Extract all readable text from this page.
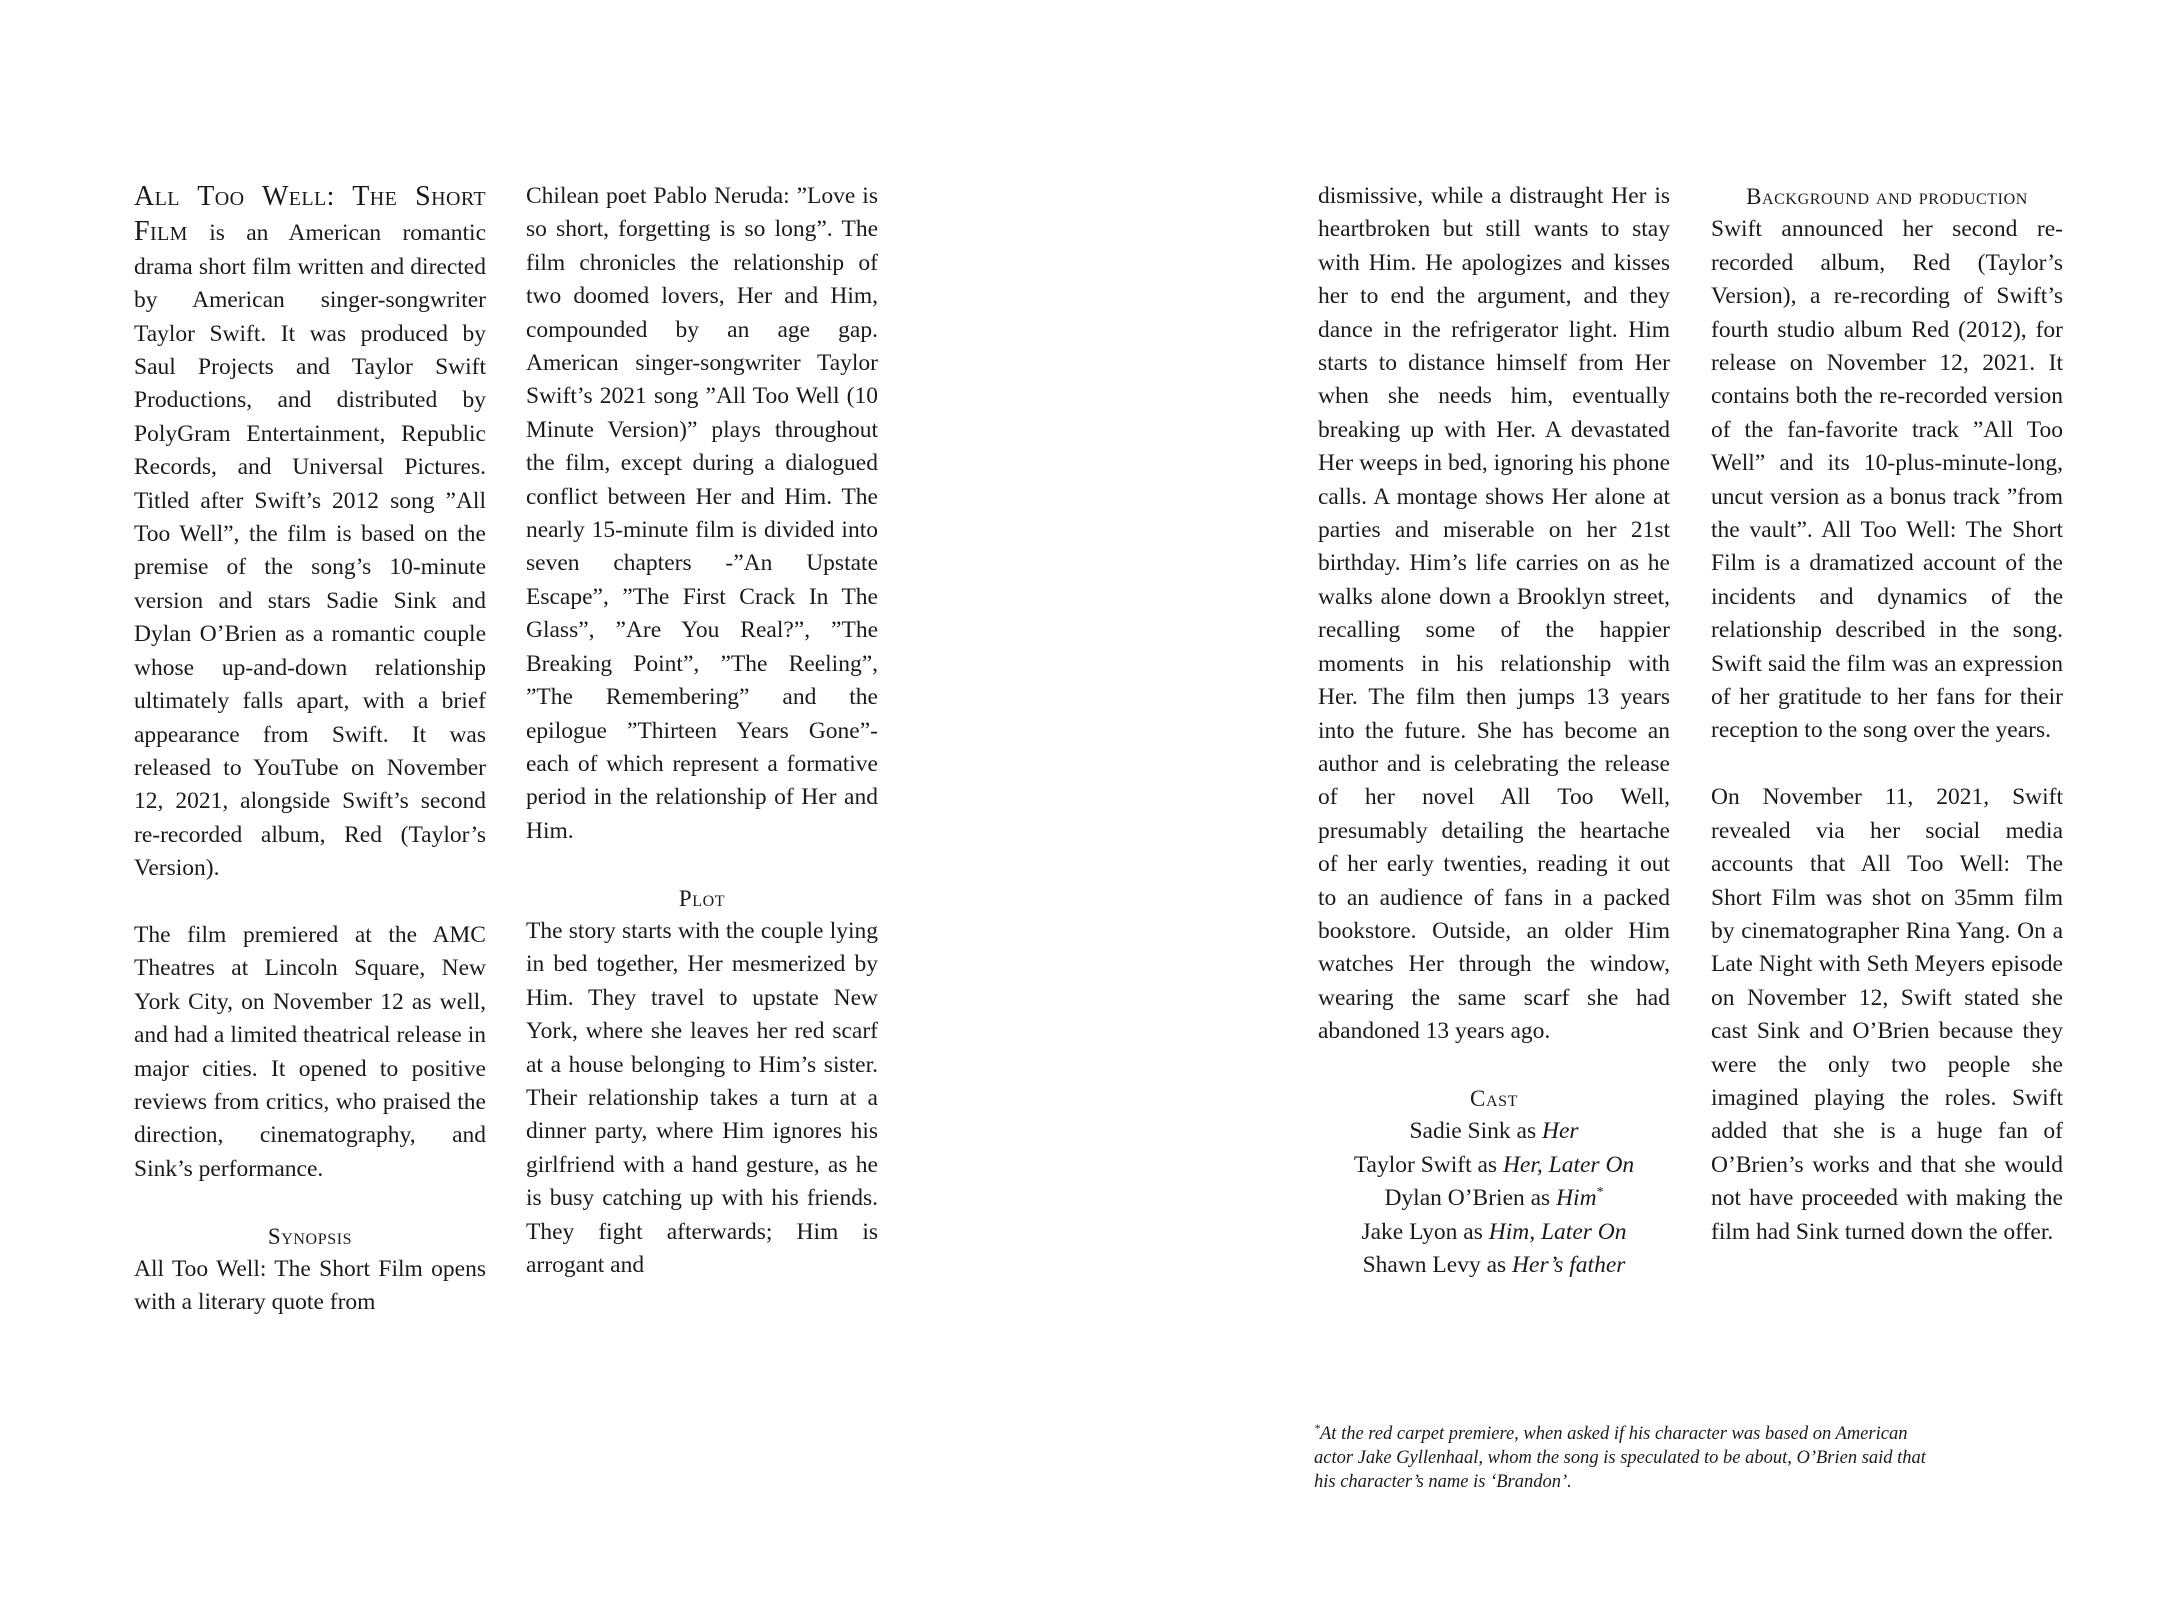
All Too Well: The Short Film is an American romantic drama short film written and directed by American singer-songwriter Taylor Swift. It was produced by Saul Projects and Taylor Swift Productions, and distributed by PolyGram Entertainment, Republic Records, and Universal Pictures. Titled after Swift’s 2012 song ”All Too Well”, the film is based on the premise of the song’s 10-minute version and stars Sadie Sink and Dylan O’Brien as a romantic couple whose up-and-down relationship ultimately falls apart, with a brief appearance from Swift. It was released to YouTube on November 12, 2021, alongside Swift’s second re-recorded album, Red (Taylor’s Version).

The film premiered at the AMC Theatres at Lincoln Square, New York City, on November 12 as well, and had a limited theatrical release in major cities. It opened to positive reviews from critics, who praised the direction, cinematography, and Sink’s performance.

Synopsis

All Too Well: The Short Film opens with a literary quote from

Chilean poet Pablo Neruda: ”Love is so short, forgetting is so long”. The film chronicles the relationship of two doomed lovers, Her and Him, compounded by an age gap. American singer-songwriter Taylor Swift’s 2021 song ”All Too Well (10 Minute Version)” plays throughout the film, except during a dialogued conflict between Her and Him. The nearly 15-minute film is divided into seven chapters -”An Upstate Escape”, ”The First Crack In The Glass”, ”Are You Real?”, ”The Breaking Point”, ”The Reeling”, ”The Remembering” and the epilogue ”Thirteen Years Gone”- each of which represent a formative period in the relationship of Her and Him.

Plot

The story starts with the couple lying in bed together, Her mesmerized by Him. They travel to upstate New York, where she leaves her red scarf at a house belonging to Him’s sister. Their relationship takes a turn at a dinner party, where Him ignores his girlfriend with a hand gesture, as he is busy catching up with his friends. They fight afterwards; Him is arrogant and

dismissive, while a distraught Her is heartbroken but still wants to stay with Him. He apologizes and kisses her to end the argument, and they dance in the refrigerator light. Him starts to distance himself from Her when she needs him, eventually breaking up with Her. A devastated Her weeps in bed, ignoring his phone calls. A montage shows Her alone at parties and miserable on her 21st birthday. Him’s life carries on as he walks alone down a Brooklyn street, recalling some of the happier moments in his relationship with Her. The film then jumps 13 years into the future. She has become an author and is celebrating the release of her novel All Too Well, presumably detailing the heartache of her early twenties, reading it out to an audience of fans in a packed bookstore. Outside, an older Him watches Her through the window, wearing the same scarf she had abandoned 13 years ago.

Cast

Sadie Sink as Her
Taylor Swift as Her, Later On
Dylan O’Brien as Him*
Jake Lyon as Him, Later On
Shawn Levy as Her’s father

Background and production

Swift announced her second re-recorded album, Red (Taylor’s Version), a re-recording of Swift’s fourth studio album Red (2012), for release on November 12, 2021. It contains both the re-recorded version of the fan-favorite track ”All Too Well” and its 10-plus-minute-long, uncut version as a bonus track ”from the vault”. All Too Well: The Short Film is a dramatized account of the incidents and dynamics of the relationship described in the song. Swift said the film was an expression of her gratitude to her fans for their reception to the song over the years.

On November 11, 2021, Swift revealed via her social media accounts that All Too Well: The Short Film was shot on 35mm film by cinematographer Rina Yang. On a Late Night with Seth Meyers episode on November 12, Swift stated she cast Sink and O’Brien because they were the only two people she imagined playing the roles. Swift added that she is a huge fan of O’Brien’s works and that she would not have proceeded with making the film had Sink turned down the offer.

*At the red carpet premiere, when asked if his character was based on American actor Jake Gyllenhaal, whom the song is speculated to be about, O’Brien said that his character’s name is ‘Brandon’.
